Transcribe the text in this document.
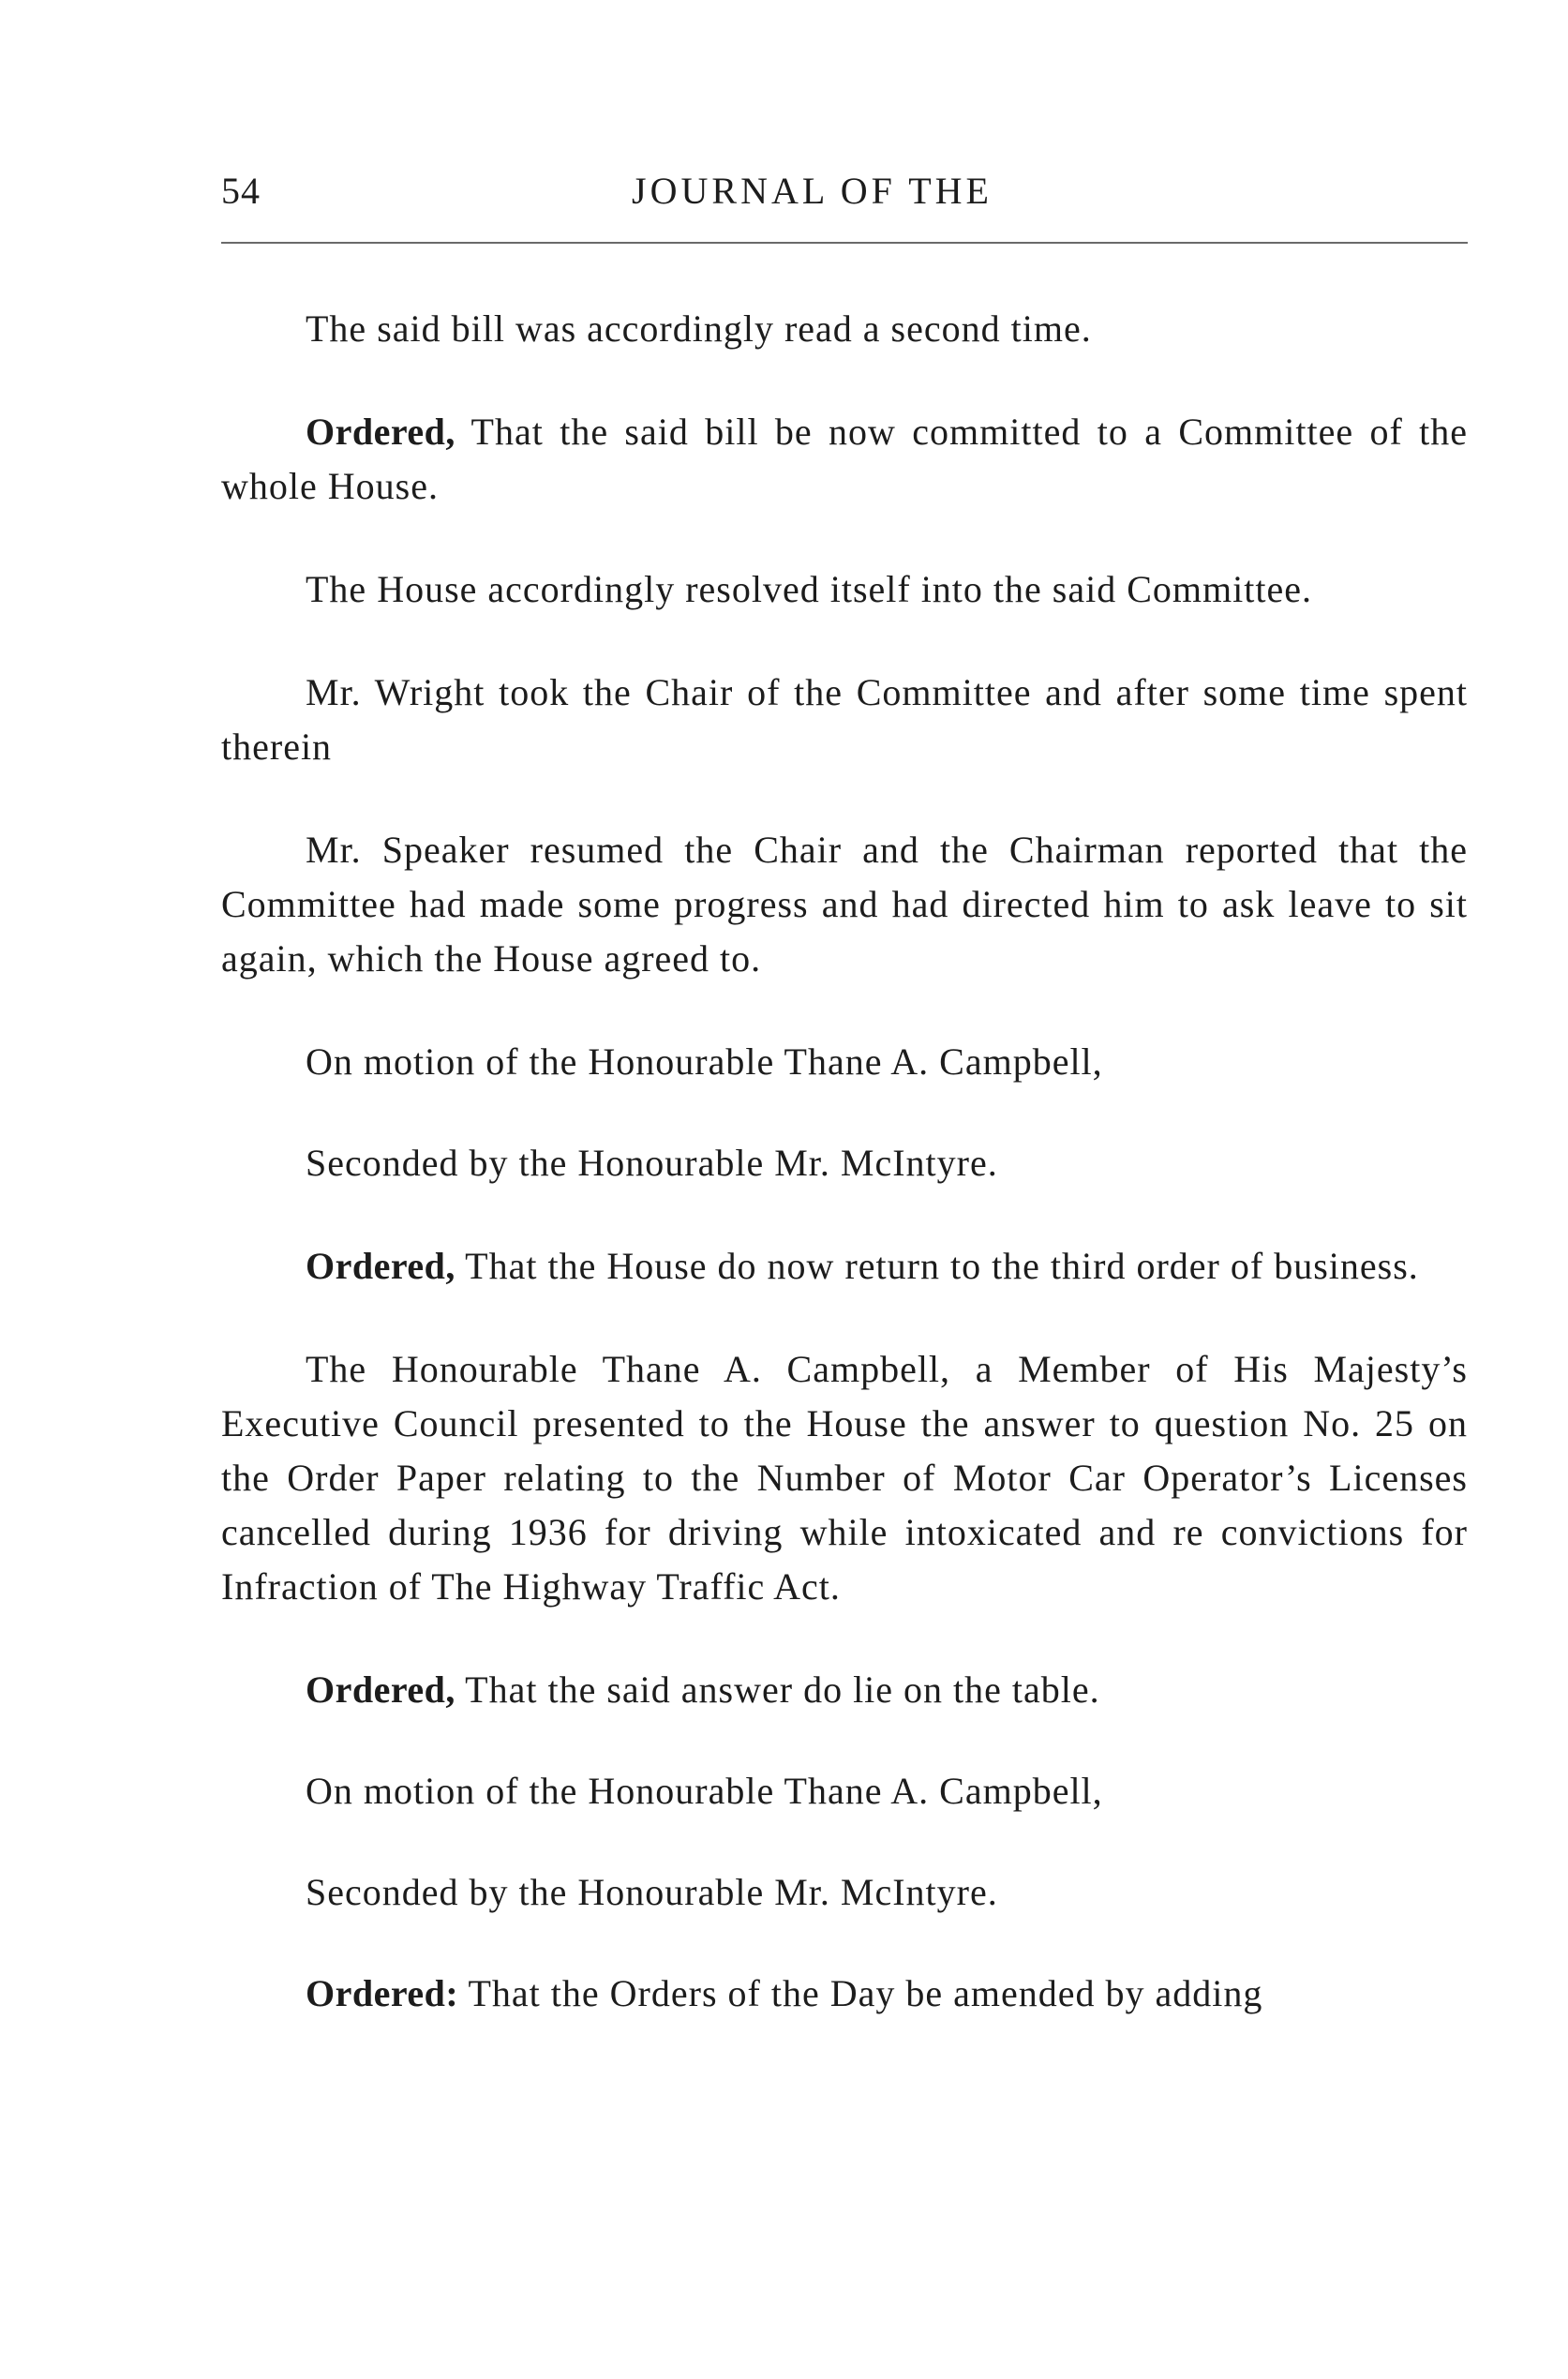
54	JOURNAL OF THE

The said bill was accordingly read a second time.

Ordered, That the said bill be now committed to a Committee of the whole House.

The House accordingly resolved itself into the said Committee.

Mr. Wright took the Chair of the Committee and after some time spent therein

Mr. Speaker resumed the Chair and the Chairman reported that the Committee had made some progress and had directed him to ask leave to sit again, which the House agreed to.

On motion of the Honourable Thane A. Campbell,

Seconded by the Honourable Mr. McIntyre.

Ordered, That the House do now return to the third order of business.

The Honourable Thane A. Campbell, a Member of His Majesty’s Executive Council presented to the House the answer to question No. 25 on the Order Paper relating to the Number of Motor Car Operator’s Licenses cancelled during 1936 for driving while intoxicated and re convictions for Infraction of The Highway Traffic Act.

Ordered, That the said answer do lie on the table.

On motion of the Honourable Thane A. Campbell,

Seconded by the Honourable Mr. McIntyre.

Ordered: That the Orders of the Day be amended by adding
